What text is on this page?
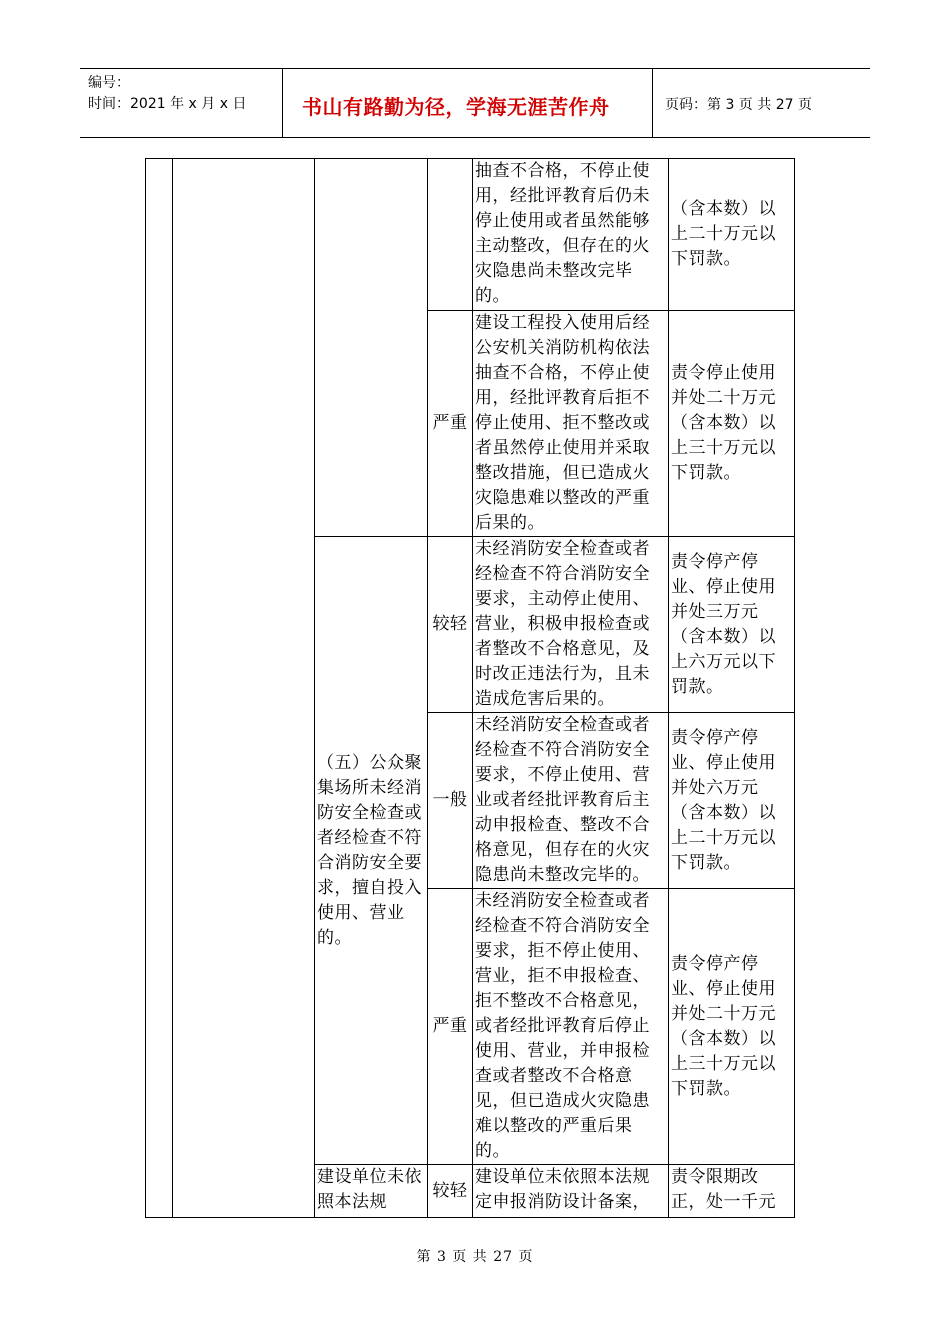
编号：
时间：2021 年 x 月 x 日	书山有路勤为径，学海无涯苦作舟	页码：第 3 页 共 27 页
				抽查不合格，不停止使用，经批评教育后仍未停止使用或者虽然能够主动整改，但存在的火灾隐患尚未整改完毕的。	（含本数）以上二十万元以下罚款。
			严重	建设工程投入使用后经公安机关消防机构依法抽查不合格，不停止使用，经批评教育后拒不停止使用、拒不整改或者虽然停止使用并采取整改措施，但已造成火灾隐患难以整改的严重后果的。	责令停止使用并处二十万元（含本数）以上三十万元以下罚款。
		（五）公众聚集场所未经消防安全检查或者经检查不符合消防安全要求，擅自投入使用、营业的。	较轻	未经消防安全检查或者经检查不符合消防安全要求，主动停止使用、营业，积极申报检查或者整改不合格意见，及时改正违法行为，且未造成危害后果的。	责令停产停业、停止使用并处三万元（含本数）以上六万元以下罚款。
			一般	未经消防安全检查或者经检查不符合消防安全要求，不停止使用、营业或者经批评教育后主动申报检查、整改不合格意见，但存在的火灾隐患尚未整改完毕的。	责令停产停业、停止使用并处六万元（含本数）以上二十万元以下罚款。
			严重	未经消防安全检查或者经检查不符合消防安全要求，拒不停止使用、营业，拒不申报检查、拒不整改不合格意见，或者经批评教育后停止使用、营业，并申报检查或者整改不合格意见，但已造成火灾隐患难以整改的严重后果的。	责令停产停业、停止使用并处二十万元（含本数）以上三十万元以下罚款。
		建设单位未依照本法规	较轻	建设单位未依照本法规定申报消防设计备案，	责令限期改正，处一千元
第 3 页 共 27 页
